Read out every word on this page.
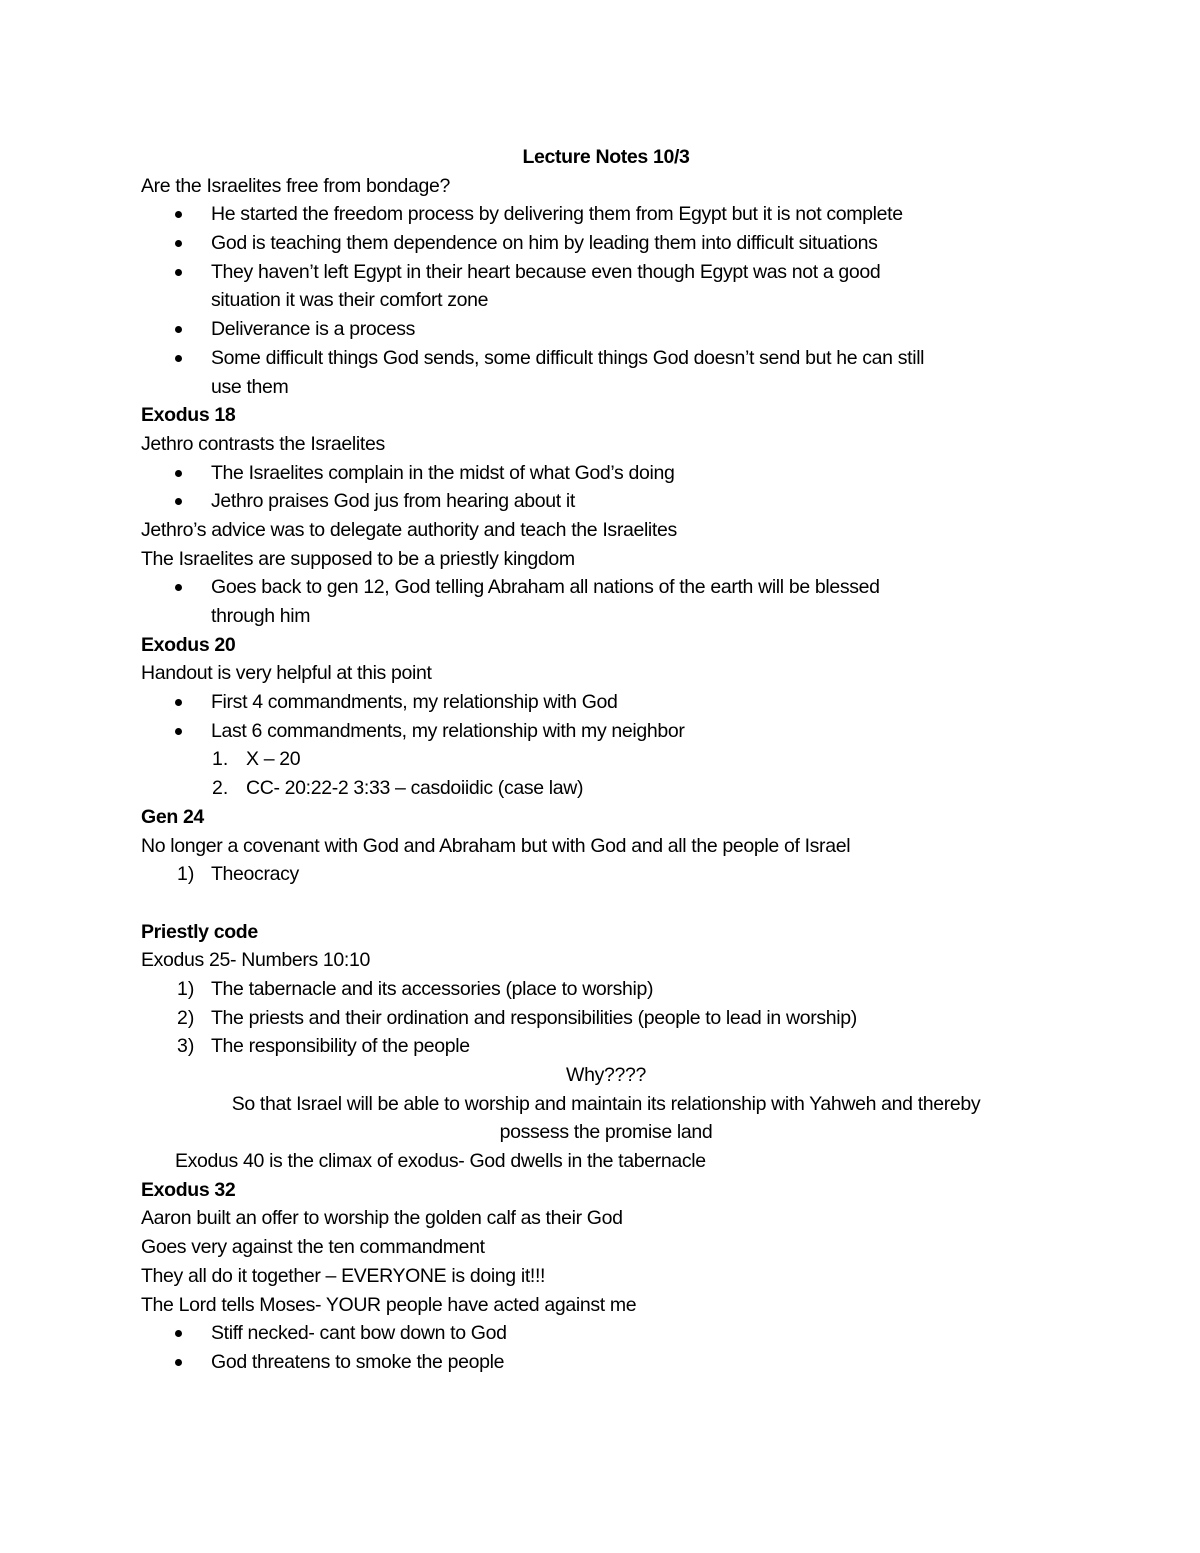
Lecture Notes 10/3
Are the Israelites free from bondage?
He started the freedom process by delivering them from Egypt but it is not complete
God is teaching them dependence on him by leading them into difficult situations
They haven’t left Egypt in their heart because even though Egypt was not a good
situation it was their comfort zone
Deliverance is a process
Some difficult things God sends, some difficult things God doesn’t send but he can still
use them
Exodus 18
Jethro contrasts the Israelites
The Israelites complain in the midst of what God’s doing
Jethro praises God jus from hearing about it
Jethro’s advice was to delegate authority and teach the Israelites
The Israelites are supposed to be a priestly kingdom
Goes back to gen 12, God telling Abraham all nations of the earth will be blessed
through him
Exodus 20
Handout is very helpful at this point
First 4 commandments, my relationship with God
Last 6 commandments, my relationship with my neighbor
1. X – 20
2. CC- 20:22-2 3:33 – casdoiidic (case law)
Gen 24
No longer a covenant with God and Abraham but with God and all the people of Israel
1) Theocracy
Priestly code
Exodus 25- Numbers 10:10
1) The tabernacle and its accessories (place to worship)
2) The priests and their ordination and responsibilities (people to lead in worship)
3) The responsibility of the people
Why????
So that Israel will be able to worship and maintain its relationship with Yahweh and thereby
possess the promise land
Exodus 40 is the climax of exodus- God dwells in the tabernacle
Exodus 32
Aaron built an offer to worship the golden calf as their God
Goes very against the ten commandment
They all do it together – EVERYONE is doing it!!!
The Lord tells Moses- YOUR people have acted against me
Stiff necked- cant bow down to God
God threatens to smoke the people
